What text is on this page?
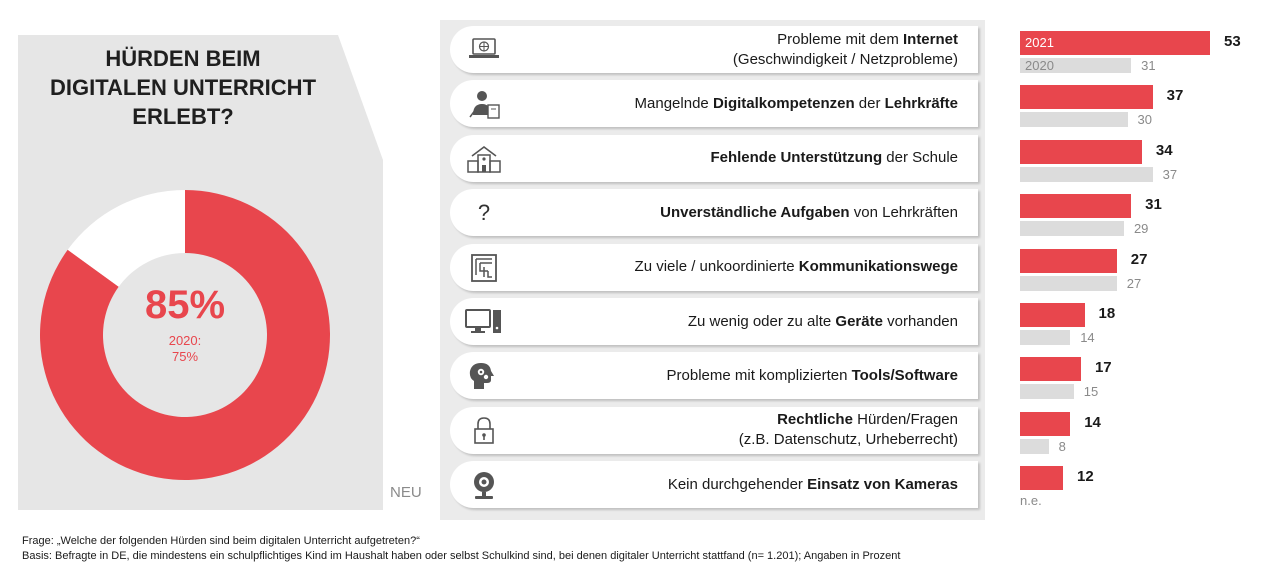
HÜRDEN BEIM
DIGITALEN UNTERRICHT
ERLEBT?
85%
2020:
75%
NEU
Probleme mit dem Internet
(Geschwindigkeit / Netzprobleme)
Mangelnde Digitalkompetenzen der Lehrkräfte
Fehlende Unterstützung der Schule
?	Unverständliche Aufgaben von Lehrkräften
Zu viele / unkoordinierte Kommunikationswege
Zu wenig oder zu alte Geräte vorhanden
Probleme mit komplizierten Tools/Software
Rechtliche Hürden/Fragen
(z.B. Datenschutz, Urheberrecht)
Kein durchgehender Einsatz von Kameras
53
31
2021
2020
37
30
34
37
31
29
27
27
18
14
17
15
14
8
12
n.e.
Frage: „Welche der folgenden Hürden sind beim digitalen Unterricht aufgetreten?“
Basis: Befragte in DE, die mindestens ein schulpflichtiges Kind im Haushalt haben oder selbst Schulkind sind, bei denen digitaler Unterricht stattfand (n= 1.201); Angaben in Prozent
